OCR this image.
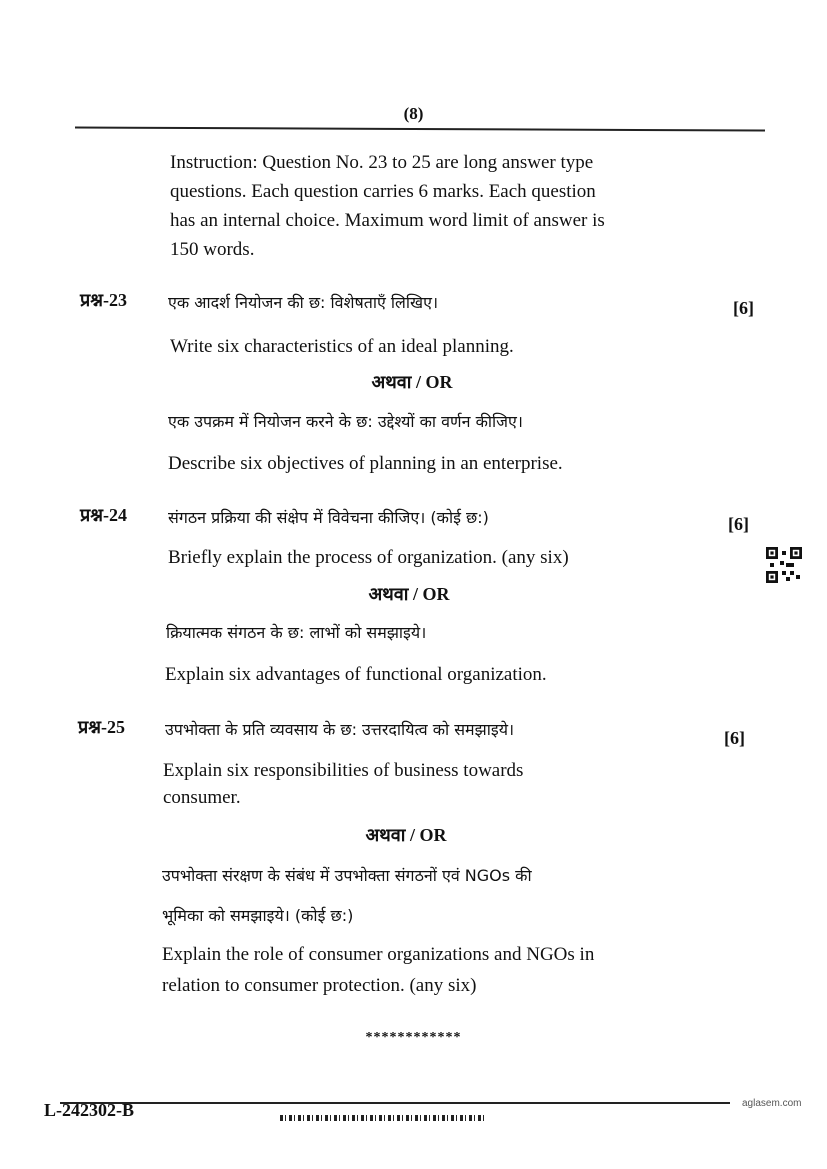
(8)
Instruction: Question No. 23 to 25 are long answer type
questions. Each question carries 6 marks. Each question
has an internal choice. Maximum word limit of answer is
150 words.
प्रश्न-23	एक आदर्श नियोजन की छ: विशेषताएँ लिखिए।	[6]
Write six characteristics of an ideal planning.
अथवा / OR
एक उपक्रम में नियोजन करने के छ: उद्देश्यों का वर्णन कीजिए।
Describe six objectives of planning in an enterprise.
प्रश्न-24	संगठन प्रक्रिया की संक्षेप में विवेचना कीजिए। (कोई छ:)	[6]
Briefly explain the process of organization. (any six)
अथवा / OR
क्रियात्मक संगठन के छ: लाभों को समझाइये।
Explain six advantages of functional organization.
प्रश्न-25	उपभोक्ता के प्रति व्यवसाय के छ: उत्तरदायित्व को समझाइये।	[6]
Explain six responsibilities of business towards
consumer.
अथवा / OR
उपभोक्ता संरक्षण के संबंध में उपभोक्ता संगठनों एवं NGOs की
भूमिका को समझाइये। (कोई छ:)
Explain the role of consumer organizations and NGOs in
relation to consumer protection. (any six)
************
L-242302-B	aglasem.com
